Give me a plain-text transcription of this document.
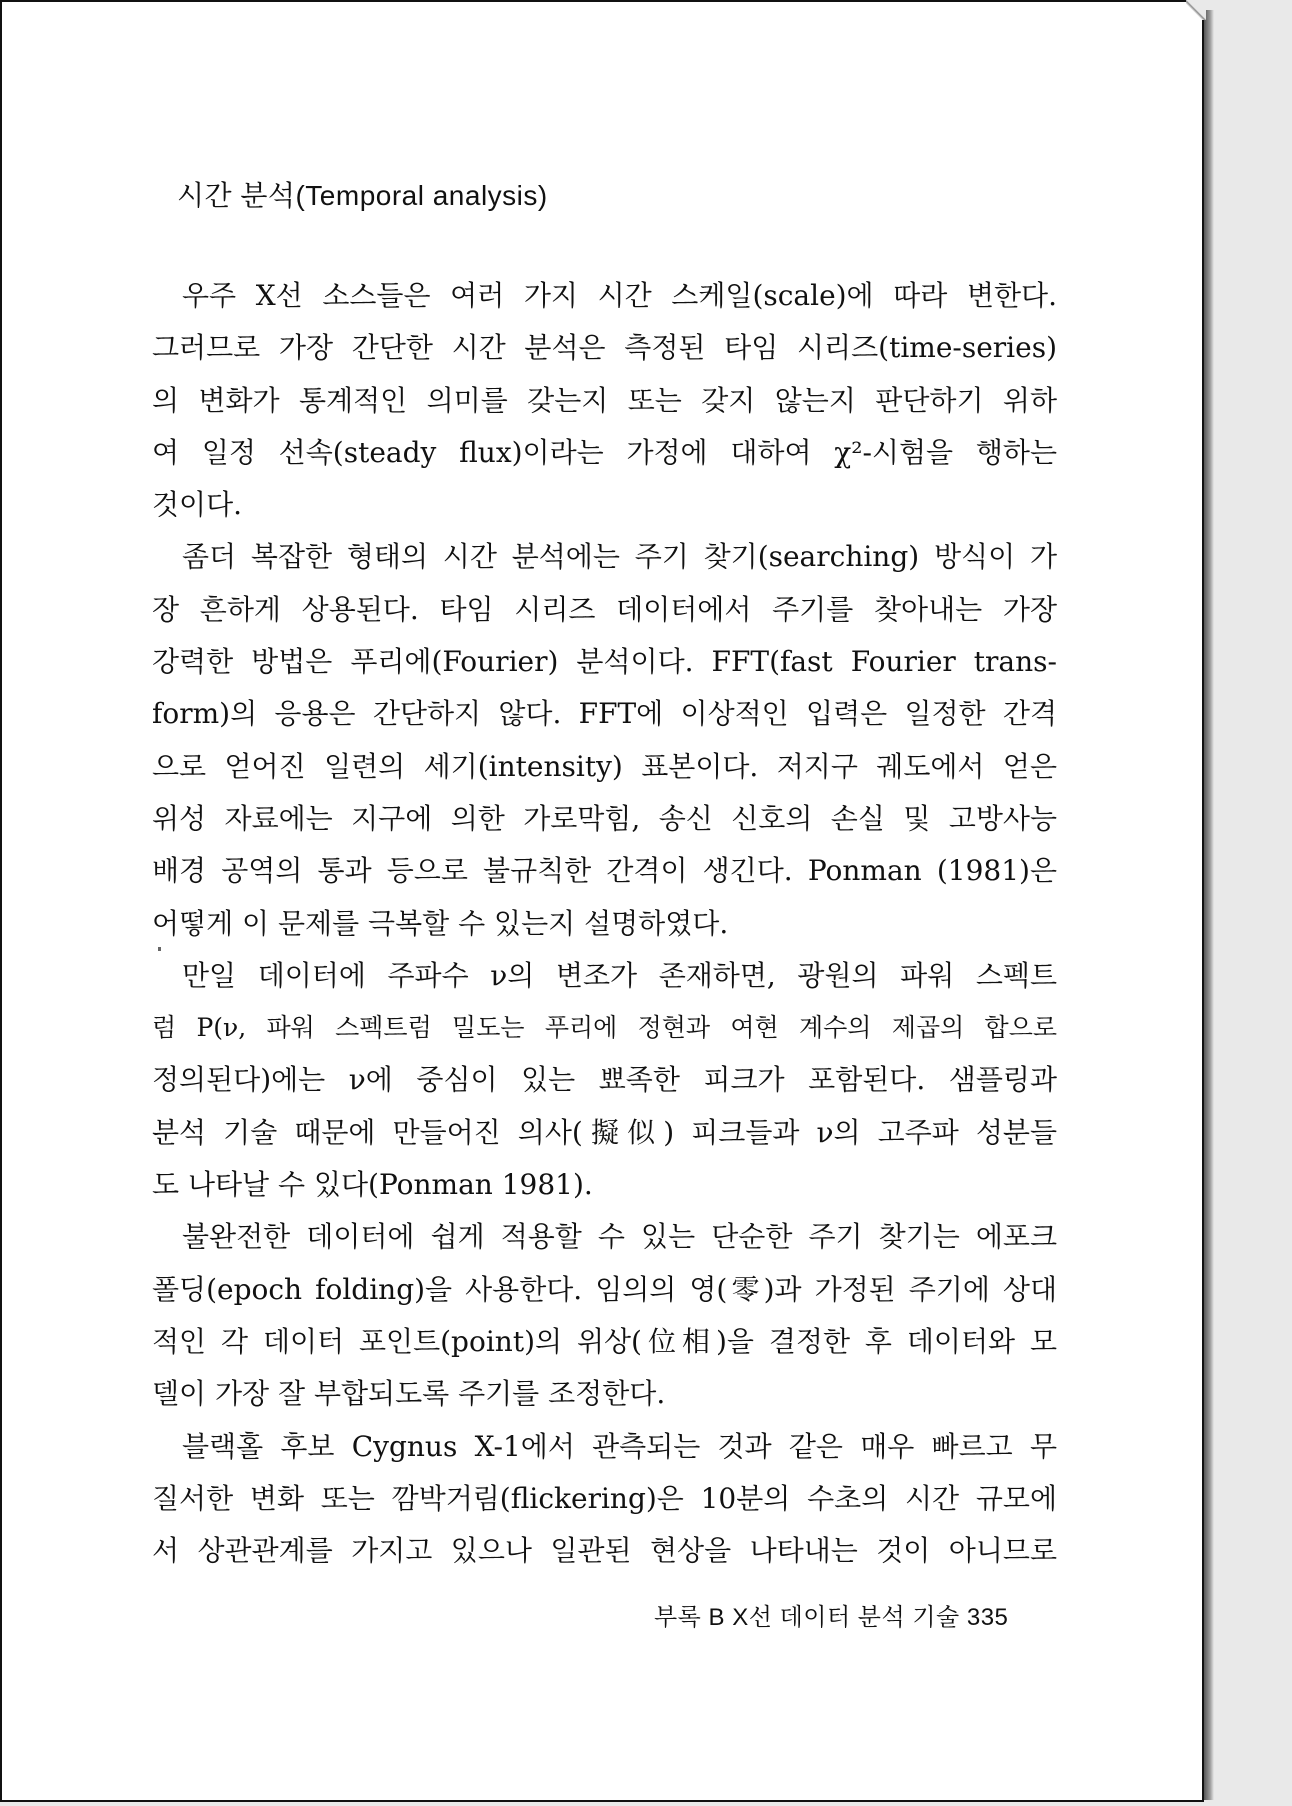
시간 분석(Temporal analysis)
우주 X선 소스들은 여러 가지 시간 스케일(scale)에 따라 변한다.
그러므로 가장 간단한 시간 분석은 측정된 타임 시리즈(time-series)
의 변화가 통계적인 의미를 갖는지 또는 갖지 않는지 판단하기 위하
여 일정 선속(steady flux)이라는 가정에 대하여 χ²-시험을 행하는
것이다.
좀더 복잡한 형태의 시간 분석에는 주기 찾기(searching) 방식이 가
장 흔하게 상용된다. 타임 시리즈 데이터에서 주기를 찾아내는 가장
강력한 방법은 푸리에(Fourier) 분석이다. FFT(fast Fourier trans-
form)의 응용은 간단하지 않다. FFT에 이상적인 입력은 일정한 간격
으로 얻어진 일련의 세기(intensity) 표본이다. 저지구 궤도에서 얻은
위성 자료에는 지구에 의한 가로막힘, 송신 신호의 손실 및 고방사능
배경 공역의 통과 등으로 불규칙한 간격이 생긴다. Ponman (1981)은
어떻게 이 문제를 극복할 수 있는지 설명하였다.
만일 데이터에 주파수 ν의 변조가 존재하면, 광원의 파워 스펙트
럼 P(ν, 파워 스펙트럼 밀도는 푸리에 정현과 여현 계수의 제곱의 합으로
정의된다)에는 ν에 중심이 있는 뾰족한 피크가 포함된다. 샘플링과
분석 기술 때문에 만들어진 의사(擬似) 피크들과 ν의 고주파 성분들
도 나타날 수 있다(Ponman 1981).
불완전한 데이터에 쉽게 적용할 수 있는 단순한 주기 찾기는 에포크
폴딩(epoch folding)을 사용한다. 임의의 영(零)과 가정된 주기에 상대
적인 각 데이터 포인트(point)의 위상(位相)을 결정한 후 데이터와 모
델이 가장 잘 부합되도록 주기를 조정한다.
블랙홀 후보 Cygnus X-1에서 관측되는 것과 같은 매우 빠르고 무
질서한 변화 또는 깜박거림(flickering)은 10분의 수초의 시간 규모에
서 상관관계를 가지고 있으나 일관된 현상을 나타내는 것이 아니므로
부록 B X선 데이터 분석 기술 335
